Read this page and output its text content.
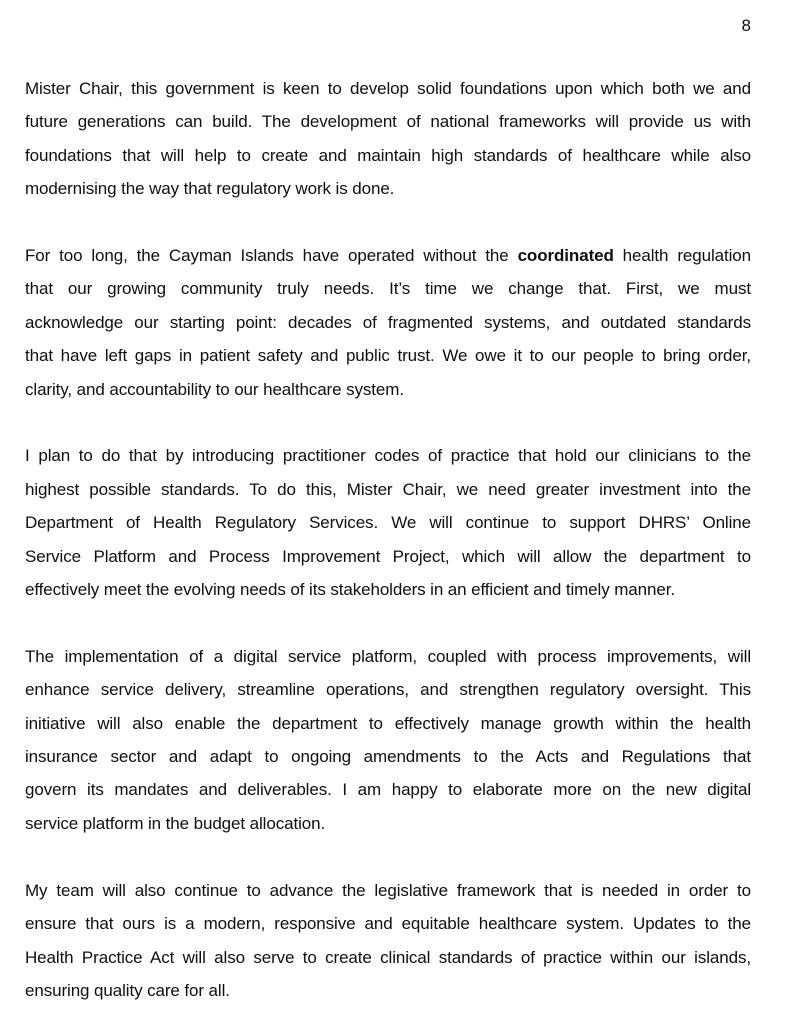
8

Mister Chair, this government is keen to develop solid foundations upon which both we and
future generations can build. The development of national frameworks will provide us with
foundations that will help to create and maintain high standards of healthcare while also
modernising the way that regulatory work is done.

For too long, the Cayman Islands have operated without the coordinated health regulation
that our growing community truly needs. It’s time we change that. First, we must
acknowledge our starting point: decades of fragmented systems, and outdated standards
that have left gaps in patient safety and public trust. We owe it to our people to bring order,
clarity, and accountability to our healthcare system.

I plan to do that by introducing practitioner codes of practice that hold our clinicians to the
highest possible standards. To do this, Mister Chair, we need greater investment into the
Department of Health Regulatory Services. We will continue to support DHRS’ Online
Service Platform and Process Improvement Project, which will allow the department to
effectively meet the evolving needs of its stakeholders in an efficient and timely manner.

The implementation of a digital service platform, coupled with process improvements, will
enhance service delivery, streamline operations, and strengthen regulatory oversight. This
initiative will also enable the department to effectively manage growth within the health
insurance sector and adapt to ongoing amendments to the Acts and Regulations that
govern its mandates and deliverables. I am happy to elaborate more on the new digital
service platform in the budget allocation.

My team will also continue to advance the legislative framework that is needed in order to
ensure that ours is a modern, responsive and equitable healthcare system. Updates to the
Health Practice Act will also serve to create clinical standards of practice within our islands,
ensuring quality care for all.
